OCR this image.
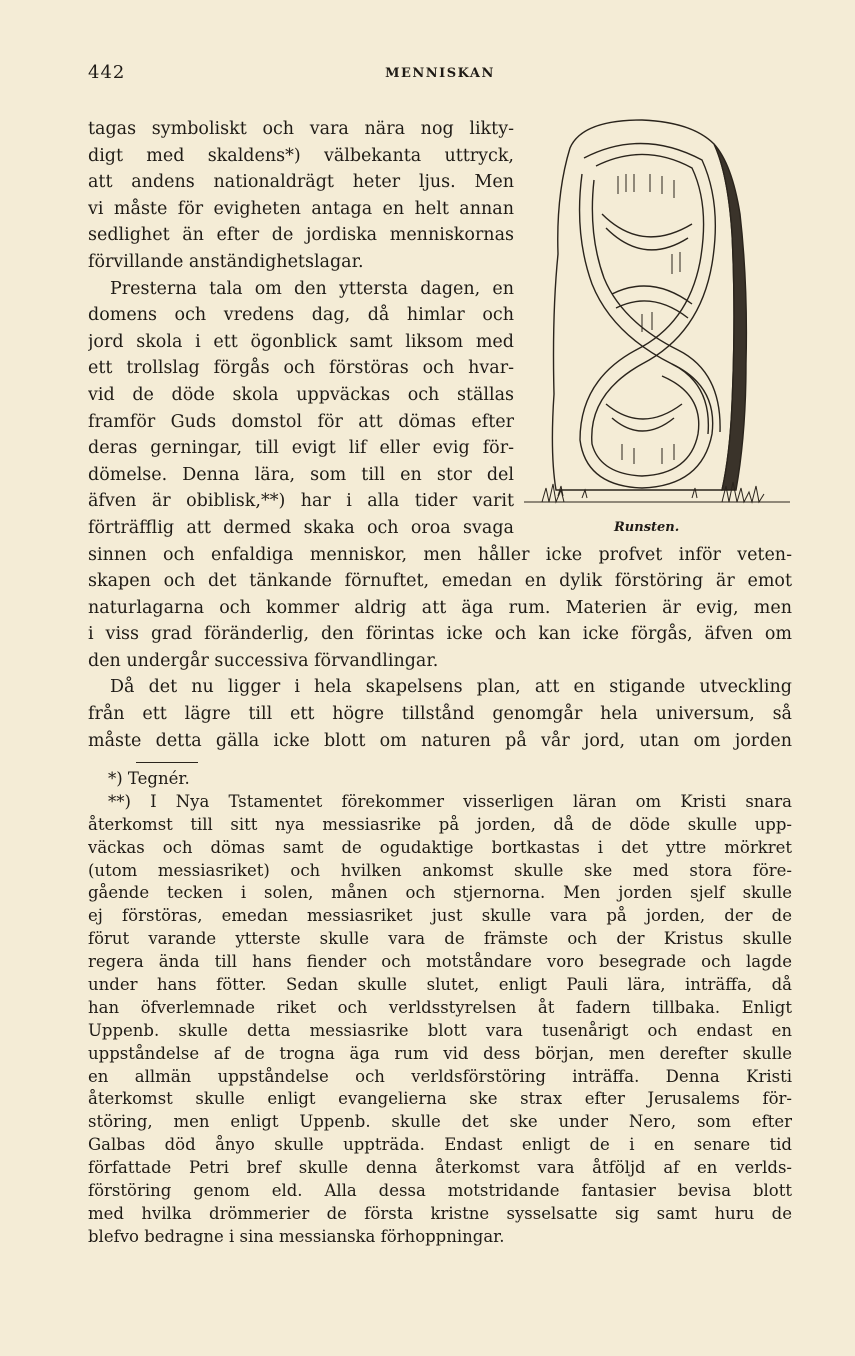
442	MENNISKAN
tagas symboliskt och vara nära nog likty-
digt med skaldens*) välbekanta uttryck,
att andens nationaldrägt heter ljus. Men
vi måste för evigheten antaga en helt annan
sedlighet än efter de jordiska menniskornas
förvillande anständighetslagar.
Presterna tala om den yttersta dagen, en
domens och vredens dag, då himlar och
jord skola i ett ögonblick samt liksom med
ett trollslag förgås och förstöras och hvar-
vid de döde skola uppväckas och ställas
framför Guds domstol för att dömas efter
deras gerningar, till evigt lif eller evig för-
dömelse. Denna lära, som till en stor del
äfven är obiblisk,**) har i alla tider varit
förträfflig att dermed skaka och oroa svaga
sinnen och enfaldiga menniskor, men håller icke profvet inför veten-
skapen och det tänkande förnuftet, emedan en dylik förstöring är emot
naturlagarna och kommer aldrig att äga rum. Materien är evig, men
i viss grad föränderlig, den förintas icke och kan icke förgås, äfven om
den undergår successiva förvandlingar.
Då det nu ligger i hela skapelsens plan, att en stigande utveckling
från ett lägre till ett högre tillstånd genomgår hela universum, så
måste detta gälla icke blott om naturen på vår jord, utan om jorden
Runsten.
*) Tegnér.
**) I Nya Tstamentet förekommer visserligen läran om Kristi snara
återkomst till sitt nya messiasrike på jorden, då de döde skulle upp-
väckas och dömas samt de ogudaktige bortkastas i det yttre mörkret
(utom messiasriket) och hvilken ankomst skulle ske med stora före-
gående tecken i solen, månen och stjernorna. Men jorden sjelf skulle
ej förstöras, emedan messiasriket just skulle vara på jorden, der de
förut varande ytterste skulle vara de främste och der Kristus skulle
regera ända till hans fiender och motståndare voro besegrade och lagde
under hans fötter. Sedan skulle slutet, enligt Pauli lära, inträffa, då
han öfverlemnade riket och verldsstyrelsen åt fadern tillbaka. Enligt
Uppenb. skulle detta messiasrike blott vara tusenårigt och endast en
uppståndelse af de trogna äga rum vid dess början, men derefter skulle
en allmän uppståndelse och verldsförstöring inträffa. Denna Kristi
återkomst skulle enligt evangelierna ske strax efter Jerusalems för-
störing, men enligt Uppenb. skulle det ske under Nero, som efter
Galbas död ånyo skulle uppträda. Endast enligt de i en senare tid
författade Petri bref skulle denna återkomst vara åtföljd af en verlds-
förstöring genom eld. Alla dessa motstridande fantasier bevisa blott
med hvilka drömmerier de första kristne sysselsatte sig samt huru de
blefvo bedragne i sina messianska förhoppningar.
